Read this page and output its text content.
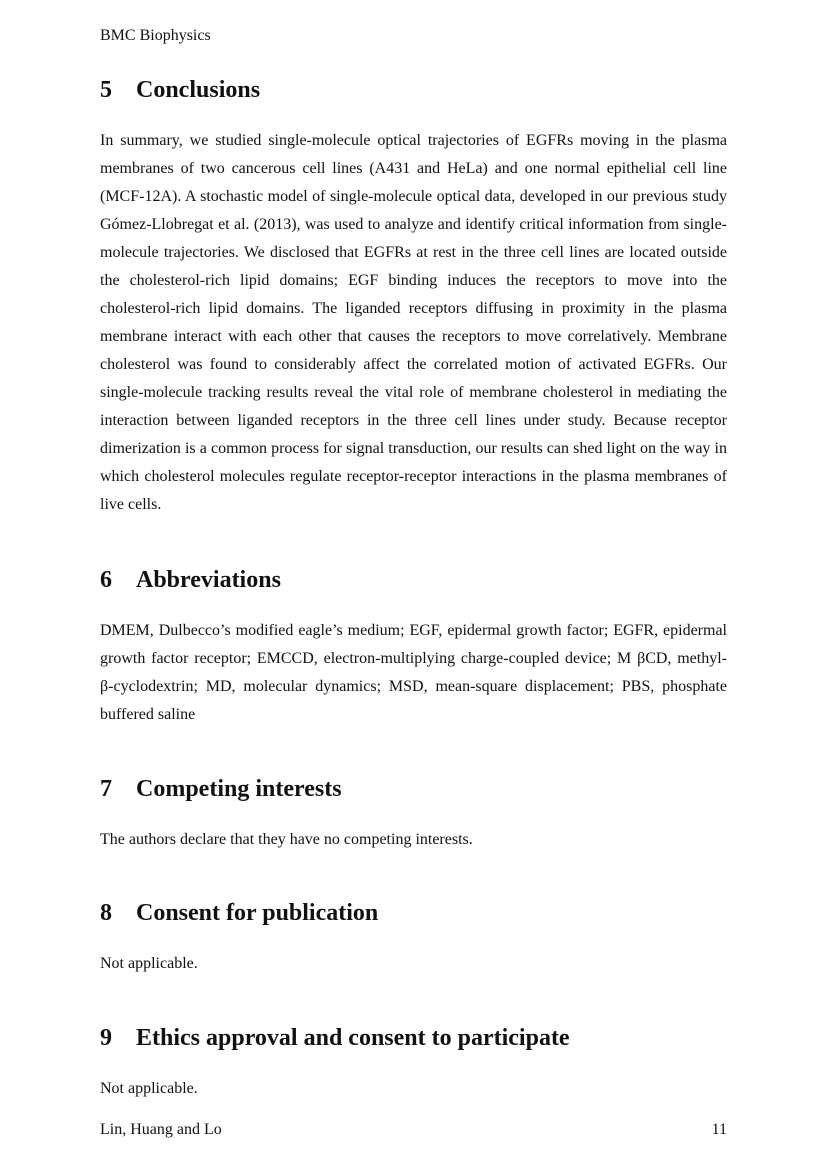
BMC Biophysics
5	Conclusions

In summary, we studied single-molecule optical trajectories of EGFRs moving in the plasma membranes of two cancerous cell lines (A431 and HeLa) and one normal epithelial cell line (MCF-12A). A stochastic model of single-molecule optical data, developed in our previous study Gómez-Llobregat et al. (2013), was used to analyze and identify critical information from single-molecule trajectories. We disclosed that EGFRs at rest in the three cell lines are located outside the cholesterol-rich lipid domains; EGF binding induces the receptors to move into the cholesterol-rich lipid domains. The liganded receptors diffusing in proximity in the plasma membrane interact with each other that causes the receptors to move correlatively. Membrane cholesterol was found to considerably affect the correlated motion of activated EGFRs. Our single-molecule tracking results reveal the vital role of membrane cholesterol in mediating the interaction between liganded receptors in the three cell lines under study. Because receptor dimerization is a common process for signal transduction, our results can shed light on the way in which cholesterol molecules regulate receptor-receptor interactions in the plasma membranes of live cells.

6	Abbreviations

DMEM, Dulbecco’s modified eagle’s medium; EGF, epidermal growth factor; EGFR, epidermal growth factor receptor; EMCCD, electron-multiplying charge-coupled device; M βCD, methyl- β-cyclodextrin; MD, molecular dynamics; MSD, mean-square displacement; PBS, phosphate buffered saline

7	Competing interests

The authors declare that they have no competing interests.

8	Consent for publication

Not applicable.

9	Ethics approval and consent to participate

Not applicable.

Lin, Huang and Lo	11
